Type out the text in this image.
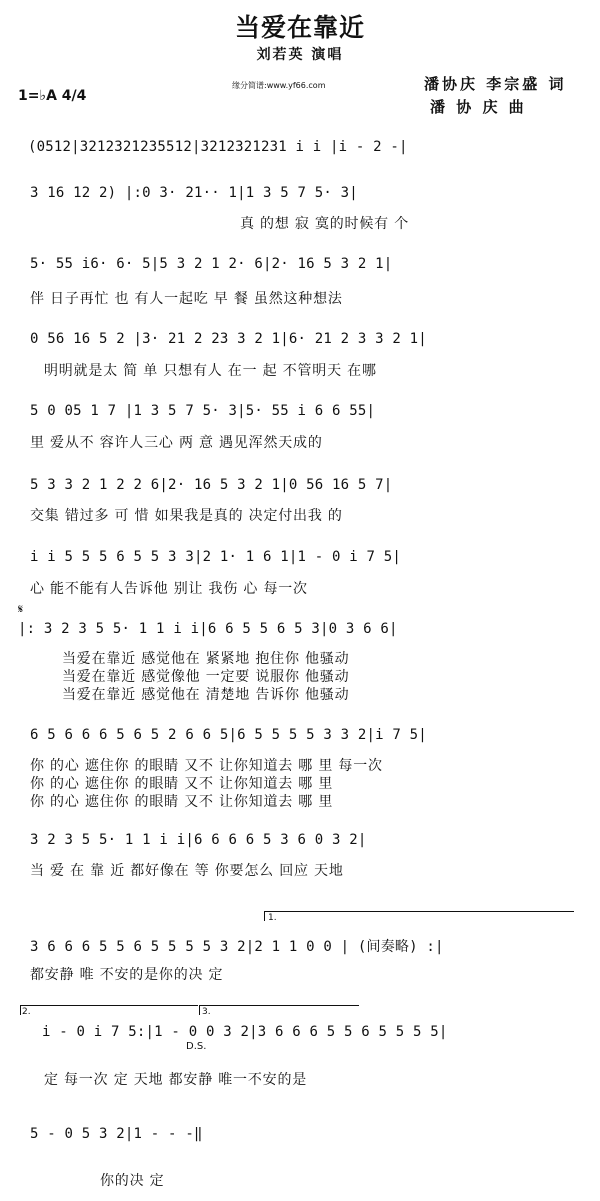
当爱在靠近
刘若英 演唱
潘协庆 李宗盛 词
潘 协 庆 曲
缘分简谱:www.yf66.com
1=♭A 4/4
(0512|3212321235512|3212321231 i i |i - 2 -|
3 16 12 2) |:0 3· 21·· 1|1 3 5 7 5· 3|
真 的想 寂 寞的时候有 个
5· 55 i6· 6· 5|5 3 2 1 2· 6|2· 16 5 3 2 1|
伴 日子再忙 也 有人一起吃 早 餐 虽然这种想法
0 56 16 5 2 |3· 21 2 23 3 2 1|6· 21 2 3 3 2 1|
明明就是太 简 单 只想有人 在一 起 不管明天 在哪
5 0 05 1 7 |1 3 5 7 5· 3|5· 55 i 6 6 55|
里 爱从不 容许人三心 两 意 遇见浑然天成的
5 3 3 2 1 2 2 6|2· 16 5 3 2 1|0 56 16 5 7|
交集 错过多 可 惜 如果我是真的 决定付出我 的
i i 5 5 5 6 5 5 3 3|2 1· 1 6 1|1 - 0 i 7 5|
心 能不能有人告诉他 别让 我伤 心 每一次
𝄋
|: 3 2 3 5 5· 1 1 i i|6 6 5 5 6 5 3|0 3 6 6|
当爱在靠近 感觉他在 紧紧地 抱住你 他骚动
当爱在靠近 感觉像他 一定要 说服你 他骚动
当爱在靠近 感觉他在 清楚地 告诉你 他骚动
6 5 6 6 6 5 6 5 2 6 6 5|6 5 5 5 5 3 3 2|i 7 5|
你 的心 遮住你 的眼睛 又不 让你知道去 哪 里 每一次
你 的心 遮住你 的眼睛 又不 让你知道去 哪 里
你 的心 遮住你 的眼睛 又不 让你知道去 哪 里
3 2 3 5 5· 1 1 i i|6 6 6 6 5 3 6 0 3 2|
当 爱 在 靠 近 都好像在 等 你要怎么 回应 天地
1.
3 6 6 6 5 5 6 5 5 5 5 3 2|2 1 1 0 0 | (间奏略) :|
都安静 唯 不安的是你的决 定
2.	3.
i - 0 i 7 5:|1 - 0 0 3 2|3 6 6 6 5 5 6 5 5 5 5|
D.S.
定 每一次 定 天地 都安静 唯一不安的是
5 - 0 5 3 2|1 - - -‖
你的决 定
